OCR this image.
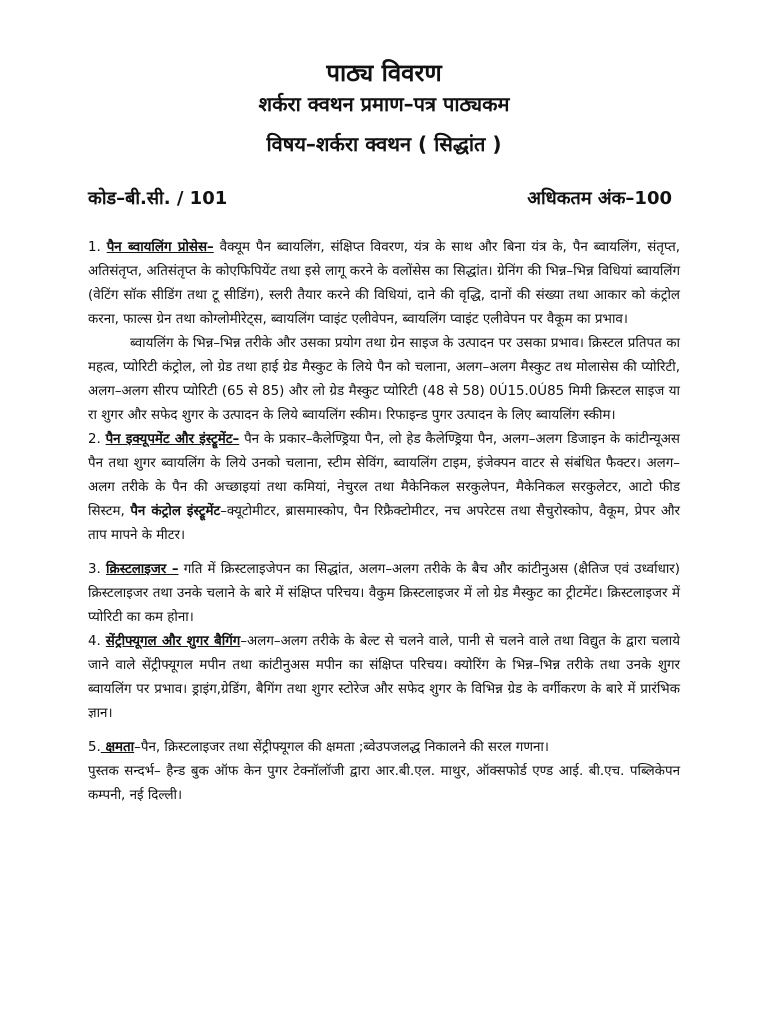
पाठ्य विवरण
शर्करा क्वथन प्रमाण–पत्र पाठ्यकम
विषय–शर्करा क्वथन ( सिद्धांत )
कोड–बी.सी. / 101	अधिकतम अंक–100

1. पैन ब्वायलिंग प्रोसेस– वैक्यूम पैन ब्वायलिंग, संक्षिप्त विवरण, यंत्र के साथ और बिना यंत्र के, पैन ब्वायलिंग, संतृप्त, अतिसंतृप्त, अतिसंतृप्त के कोएफिपियेंट तथा इसे लागू करने के वलोंसेस का सिद्धांत। ग्रेनिंग की भिन्न–भिन्न विधियां ब्वायलिंग (वेटिंग सॉक सीडिंग तथा टू सीडिंग), स्लरी तैयार करने की विधियां, दाने की वृद्धि, दानों की संख्या तथा आकार को कंट्रोल करना, फाल्स ग्रेन तथा कोग्लोमीरेट्स, ब्वायलिंग प्वाइंट एलीवेपन, ब्वायलिंग प्वाइंट एलीवेपन पर वैकूम का प्रभाव।

ब्वायलिंग के भिन्न–भिन्न तरीके और उसका प्रयोग तथा ग्रेन साइज के उत्पादन पर उसका प्रभाव। क्रिस्टल प्रतिपत का महत्व, प्योरिटी कंट्रोल, लो ग्रेड तथा हाई ग्रेड मैस्कुट के लिये पैन को चलाना, अलग–अलग मैस्कुट तथ मोलासेस की प्योरिटी, अलग–अलग सीरप प्योरिटी (65 से 85) और लो ग्रेड मैस्कुट प्योरिटी (48 से 58) 0Ú15.0Ú85 मिमी क्रिस्टल साइज या रा शुगर और सफेद शुगर के उत्पादन के लिये ब्वायलिंग स्कीम। रिफाइन्ड पुगर उत्पादन के लिए ब्वायलिंग स्कीम।

2. पैन इक्यूपमेंट और इंस्ट्रूमेंट– पैन के प्रकार–कैलेण्ड्रिया पैन, लो हेड कैलेण्ड्रिया पैन, अलग–अलग डिजाइन के कांटीन्यूअस पैन तथा शुगर ब्वायलिंग के लिये उनको चलाना, स्टीम सेविंग, ब्वायलिंग टाइम, इंजेक्पन वाटर से संबंधित फैक्टर। अलग–अलग तरीके के पैन की अच्छाइयां तथा कमियां, नेचुरल तथा मैकेनिकल सरकुलेपन, मैकेनिकल सरकुलेटर, आटो फीड सिस्टम, पैन कंट्रोल इंस्ट्रूमेंट–क्यूटोमीटर, ब्रासमास्कोप, पैन रिफ्रैक्टोमीटर, नच अपरेटस तथा सैचुरोस्कोप, वैकूम, प्रेपर और ताप मापने के मीटर।

3. क्रिस्टलाइजर – गति में क्रिस्टलाइजेपन का सिद्धांत, अलग–अलग तरीके के बैच और कांटीनुअस (क्षैतिज एवं उर्ध्वाधार) क्रिस्टलाइजर तथा उनके चलाने के बारे में संक्षिप्त परिचय। वैकुम क्रिस्टलाइजर में लो ग्रेड मैस्कुट का ट्रीटमेंट। क्रिस्टलाइजर में प्योरिटी का कम होना।

4. सेंट्रीफ्यूगल और शुगर बैगिंग–अलग–अलग तरीके के बेल्ट से चलने वाले, पानी से चलने वाले तथा विद्युत के द्वारा चलाये जाने वाले सेंट्रीफ्यूगल मपीन तथा कांटीनुअस मपीन का संक्षिप्त परिचय। क्योरिंग के भिन्न–भिन्न तरीके तथा उनके शुगर ब्वायलिंग पर प्रभाव। ड्राइंग,ग्रेडिंग, बैगिंग तथा शुगर स्टोरेज और सफेद शुगर के विभिन्न ग्रेड के वर्गीकरण के बारे में प्रारंभिक ज्ञान।

5. क्षमता–पैन, क्रिस्टलाइजर तथा सेंट्रीफ्यूगल की क्षमता ;ब्वेउपजलद्ध निकालने की सरल गणना।

पुस्तक सन्दर्भ– हैन्ड बुक ऑफ केन पुगर टेक्नॉलॉजी द्वारा आर.बी.एल. माथुर, ऑक्सफोर्ड एण्ड आई. बी.एच. पब्लिकेपन कम्पनी, नई दिल्ली।
